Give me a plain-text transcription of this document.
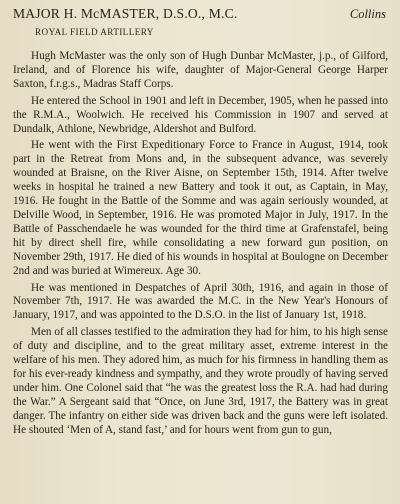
MAJOR H. McMASTER, D.S.O., M.C.	Collins
ROYAL FIELD ARTILLERY

Hugh McMaster was the only son of Hugh Dunbar McMaster, j.p., of Gilford, Ireland, and of Florence his wife, daughter of Major-General George Harper Saxton, f.r.g.s., Madras Staff Corps.

He entered the School in 1901 and left in December, 1905, when he passed into the R.M.A., Woolwich. He received his Commission in 1907 and served at Dundalk, Athlone, Newbridge, Aldershot and Bulford.

He went with the First Expeditionary Force to France in August, 1914, took part in the Retreat from Mons and, in the subsequent advance, was severely wounded at Braisne, on the River Aisne, on September 15th, 1914. After twelve weeks in hospital he trained a new Battery and took it out, as Captain, in May, 1916. He fought in the Battle of the Somme and was again seriously wounded, at Delville Wood, in September, 1916. He was promoted Major in July, 1917. In the Battle of Passchendaele he was wounded for the third time at Grafenstafel, being hit by direct shell fire, while consolidating a new forward gun position, on November 29th, 1917. He died of his wounds in hospital at Boulogne on December 2nd and was buried at Wimereux. Age 30.

He was mentioned in Despatches of April 30th, 1916, and again in those of November 7th, 1917. He was awarded the M.C. in the New Year's Honours of January, 1917, and was appointed to the D.S.O. in the list of January 1st, 1918.

Men of all classes testified to the admiration they had for him, to his high sense of duty and discipline, and to the great military asset, extreme interest in the welfare of his men. They adored him, as much for his firmness in handling them as for his ever-ready kindness and sympathy, and they wrote proudly of having served under him. One Colonel said that “he was the greatest loss the R.A. had had during the War.” A Sergeant said that “Once, on June 3rd, 1917, the Battery was in great danger. The infantry on either side was driven back and the guns were left isolated. He shouted ‘Men of A, stand fast,’ and for hours went from gun to gun,
